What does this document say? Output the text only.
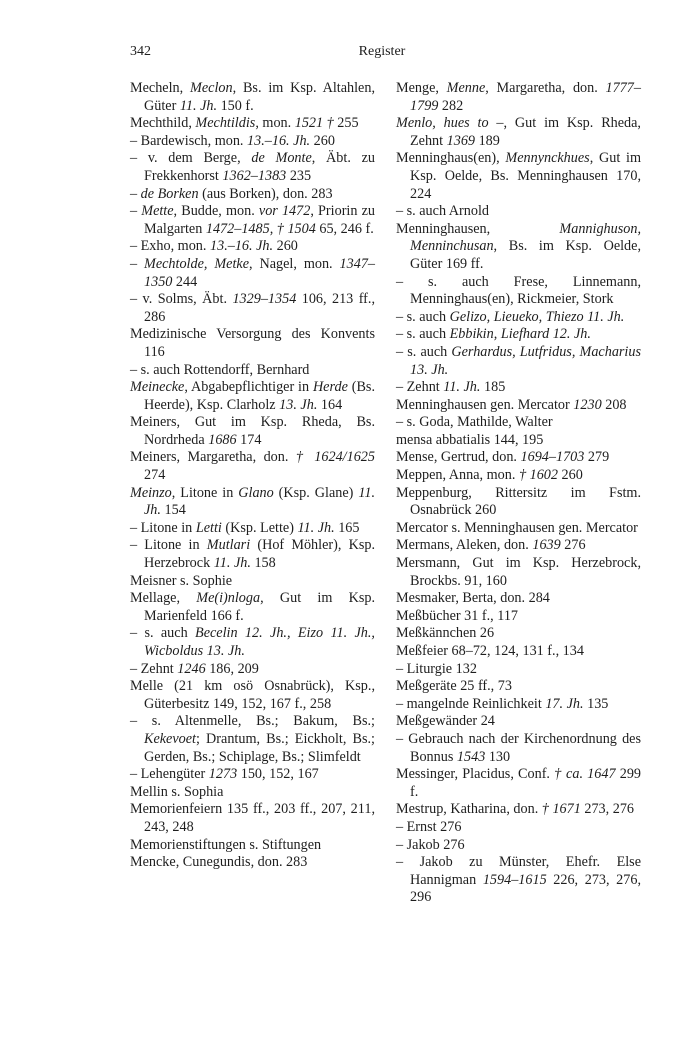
342	Register
Mecheln, Meclon, Bs. im Ksp. Altahlen, Güter 11. Jh. 150 f.
Mechthild, Mechtildis, mon. 1521 † 255
– Bardewisch, mon. 13.–16. Jh. 260
– v. dem Berge, de Monte, Äbt. zu Frekkenhorst 1362–1383 235
– de Borken (aus Borken), don. 283
– Mette, Budde, mon. vor 1472, Priorin zu Malgarten 1472–1485, † 1504 65, 246 f.
– Exho, mon. 13.–16. Jh. 260
– Mechtolde, Metke, Nagel, mon. 1347–1350 244
– v. Solms, Äbt. 1329–1354 106, 213 ff., 286
Medizinische Versorgung des Konvents 116
– s. auch Rottendorff, Bernhard
Meinecke, Abgabepflichtiger in Herde (Bs. Heerde), Ksp. Clarholz 13. Jh. 164
Meiners, Gut im Ksp. Rheda, Bs. Nordrheda 1686 174
Meiners, Margaretha, don. † 1624/1625 274
Meinzo, Litone in Glano (Ksp. Glane) 11. Jh. 154
– Litone in Letti (Ksp. Lette) 11. Jh. 165
– Litone in Mutlari (Hof Möhler), Ksp. Herzebrock 11. Jh. 158
Meisner s. Sophie
Mellage, Me(i)nloga, Gut im Ksp. Marienfeld 166 f.
– s. auch Becelin 12. Jh., Eizo 11. Jh., Wicboldus 13. Jh.
– Zehnt 1246 186, 209
Melle (21 km osö Osnabrück), Ksp., Güterbesitz 149, 152, 167 f., 258
– s. Altenmelle, Bs.; Bakum, Bs.; Kekevoet; Drantum, Bs.; Eickholt, Bs.; Gerden, Bs.; Schiplage, Bs.; Slimfeldt
– Lehengüter 1273 150, 152, 167
Mellin s. Sophia
Memorienfeiern 135 ff., 203 ff., 207, 211, 243, 248
Memorienstiftungen s. Stiftungen
Mencke, Cunegundis, don. 283
Menge, Menne, Margaretha, don. 1777–1799 282
Menlo, hues to –, Gut im Ksp. Rheda, Zehnt 1369 189
Menninghaus(en), Mennynckhues, Gut im Ksp. Oelde, Bs. Menninghausen 170, 224
– s. auch Arnold
Menninghausen, Mannighuson, Menninchusan, Bs. im Ksp. Oelde, Güter 169 ff.
– s. auch Frese, Linnemann, Menninghaus(en), Rickmeier, Stork
– s. auch Gelizo, Lieueko, Thiezo 11. Jh.
– s. auch Ebbikin, Liefhard 12. Jh.
– s. auch Gerhardus, Lutfridus, Macharius 13. Jh.
– Zehnt 11. Jh. 185
Menninghausen gen. Mercator 1230 208
– s. Goda, Mathilde, Walter
mensa abbatialis 144, 195
Mense, Gertrud, don. 1694–1703 279
Meppen, Anna, mon. † 1602 260
Meppenburg, Rittersitz im Fstm. Osnabrück 260
Mercator s. Menninghausen gen. Mercator
Mermans, Aleken, don. 1639 276
Mersmann, Gut im Ksp. Herzebrock, Brockbs. 91, 160
Mesmaker, Berta, don. 284
Meßbücher 31 f., 117
Meßkännchen 26
Meßfeier 68–72, 124, 131 f., 134
– Liturgie 132
Meßgeräte 25 ff., 73
– mangelnde Reinlichkeit 17. Jh. 135
Meßgewänder 24
– Gebrauch nach der Kirchenordnung des Bonnus 1543 130
Messinger, Placidus, Conf. † ca. 1647 299 f.
Mestrup, Katharina, don. † 1671 273, 276
– Ernst 276
– Jakob 276
– Jakob zu Münster, Ehefr. Else Hannigman 1594–1615 226, 273, 276, 296
